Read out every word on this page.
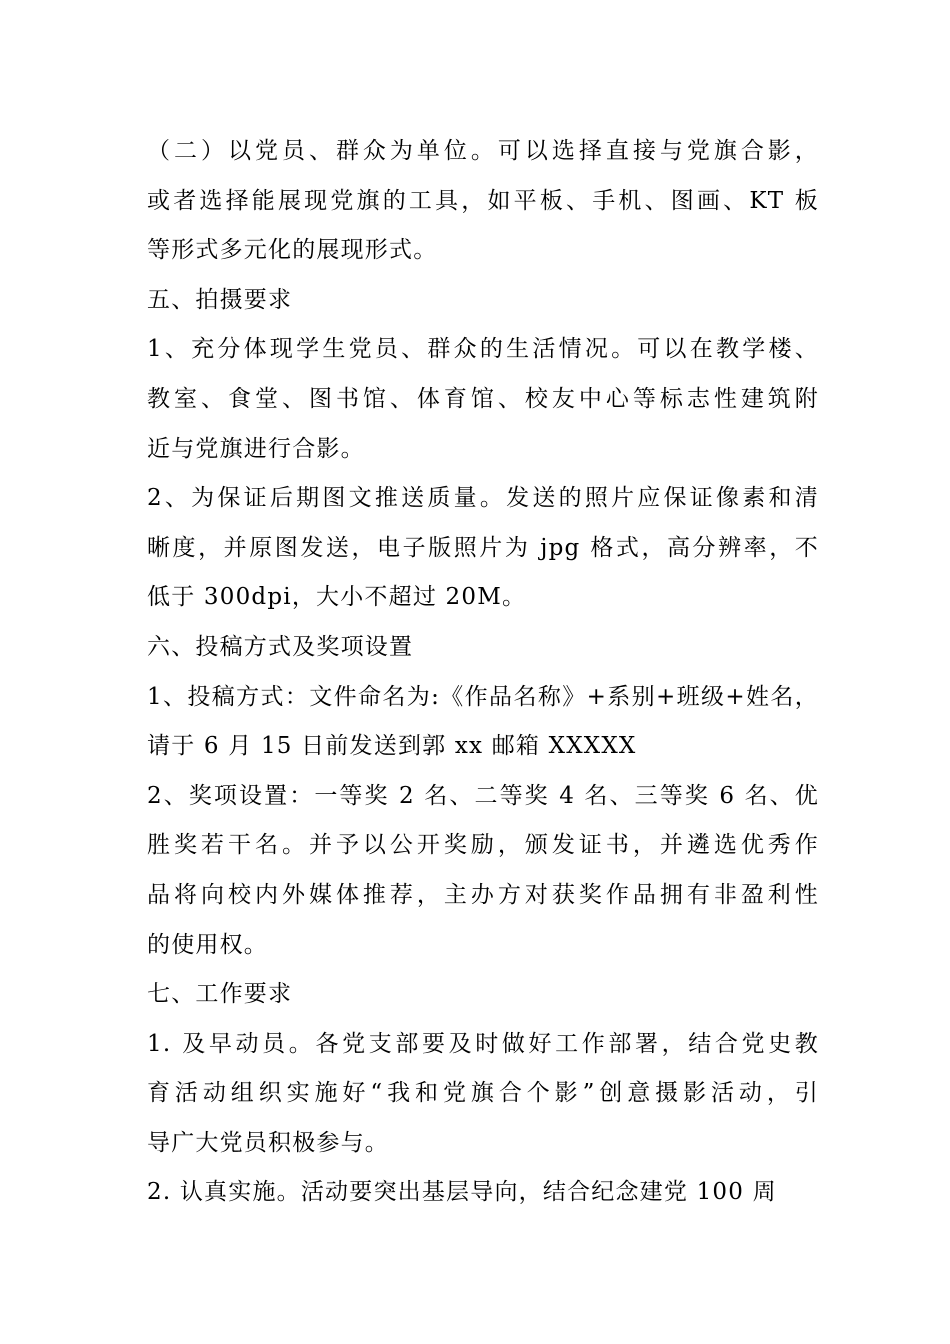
（二）以党员、群众为单位。可以选择直接与党旗合影，
或者选择能展现党旗的工具，如平板、手机、图画、KT 板
等形式多元化的展现形式。
五、拍摄要求
1、充分体现学生党员、群众的生活情况。可以在教学楼、
教室、食堂、图书馆、体育馆、校友中心等标志性建筑附
近与党旗进行合影。
2、为保证后期图文推送质量。发送的照片应保证像素和清
晰度，并原图发送，电子版照片为 jpg 格式，高分辨率，不
低于 300dpi，大小不超过 20M。
六、投稿方式及奖项设置
1、投稿方式：文件命名为:《作品名称》+系别+班级+姓名，
请于 6 月 15 日前发送到郭 xx 邮箱 XXXXX
2、奖项设置：一等奖 2 名、二等奖 4 名、三等奖 6 名、优
胜奖若干名。并予以公开奖励，颁发证书，并遴选优秀作
品将向校内外媒体推荐，主办方对获奖作品拥有非盈利性
的使用权。
七、工作要求
1. 及早动员。各党支部要及时做好工作部署，结合党史教
育活动组织实施好“我和党旗合个影”创意摄影活动，引
导广大党员积极参与。
2. 认真实施。活动要突出基层导向，结合纪念建党 100 周
